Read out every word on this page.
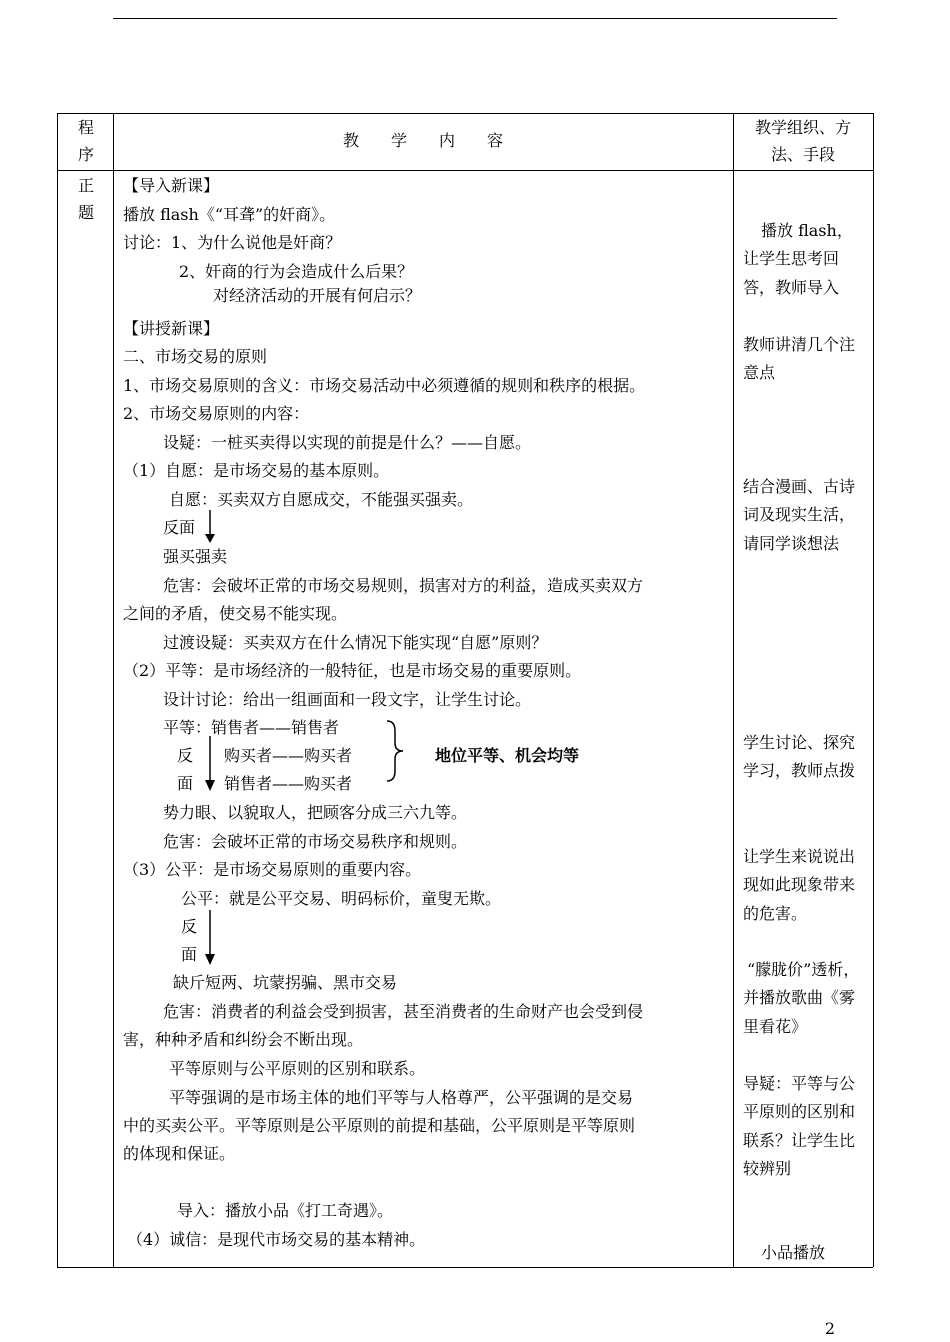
程序
教　　学　　内　　容
教学组织、方法、手段
正题
【导入新课】
播放 flash《“耳聋”的奸商》。
讨论：1、为什么说他是奸商？
2、奸商的行为会造成什么后果？
对经济活动的开展有何启示？
【讲授新课】
二、市场交易的原则
1、市场交易原则的含义：市场交易活动中必须遵循的规则和秩序的根据。
2、市场交易原则的内容：
设疑：一桩买卖得以实现的前提是什么？——自愿。
（1）自愿：是市场交易的基本原则。
自愿：买卖双方自愿成交，不能强买强卖。
反面
强买强卖
危害：会破坏正常的市场交易规则，损害对方的利益，造成买卖双方
之间的矛盾，使交易不能实现。
过渡设疑：买卖双方在什么情况下能实现“自愿”原则？
（2）平等：是市场经济的一般特征，也是市场交易的重要原则。
设计讨论：给出一组画面和一段文字，让学生讨论。
平等：销售者——销售者
反 购买者——购买者	地位平等、机会均等
面 销售者——购买者
势力眼、以貌取人，把顾客分成三六九等。
危害：会破坏正常的市场交易秩序和规则。
（3）公平：是市场交易原则的重要内容。
公平：就是公平交易、明码标价，童叟无欺。
反
面
缺斤短两、坑蒙拐骗、黑市交易
危害：消费者的利益会受到损害，甚至消费者的生命财产也会受到侵
害，种种矛盾和纠纷会不断出现。
平等原则与公平原则的区别和联系。
平等强调的是市场主体的地们平等与人格尊严，公平强调的是交易
中的买卖公平。平等原则是公平原则的前提和基础，公平原则是平等原则
的体现和保证。
导入：播放小品《打工奇遇》。
（4）诚信：是现代市场交易的基本精神。
播放 flash，让学生思考回答，教师导入
教师讲清几个注意点
结合漫画、古诗词及现实生活，请同学谈想法
学生讨论、探究学习，教师点拨
让学生来说说出现如此现象带来的危害。
“朦胧价”透析，并播放歌曲《雾里看花》
导疑：平等与公平原则的区别和联系？让学生比较辨别
小品播放
2
